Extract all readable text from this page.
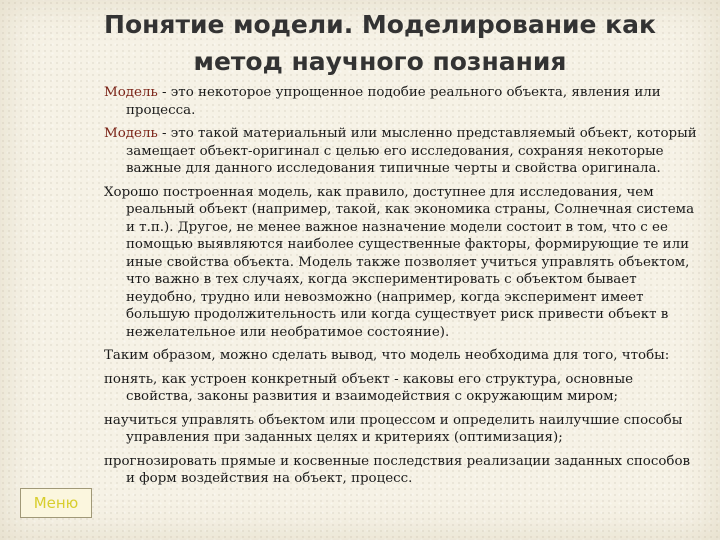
Понятие модели. Моделирование как
метод научного познания

Модель - это некоторое упрощенное подобие реального объекта, явления или процесса.

Модель - это такой материальный или мысленно представляемый объект, который замещает объект-оригинал с целью его исследования, сохраняя некоторые важные для данного исследования типичные черты и свойства оригинала.

Хорошо построенная модель, как правило, доступнее для исследования, чем реальный объект (например, такой, как экономика страны, Солнечная система и т.п.). Другое, не менее важное назначение модели состоит в том, что с ее помощью выявляются наиболее существенные факторы, формирующие те или иные свойства объекта. Модель также позволяет учиться управлять объектом, что важно в тех случаях, когда экспериментировать с объектом бывает неудобно, трудно или невозможно (например, когда эксперимент имеет большую продолжительность или когда существует риск привести объект в нежелательное или необратимое состояние).

Таким образом, можно сделать вывод, что модель необходима для того, чтобы:

понять, как устроен конкретный объект - каковы его структура, основные свойства, законы развития и взаимодействия с окружающим миром;

научиться управлять объектом или процессом и определить наилучшие способы управления при заданных целях и критериях (оптимизация);

прогнозировать прямые и косвенные последствия реализации заданных способов и форм воздействия на объект, процесс.

Меню
